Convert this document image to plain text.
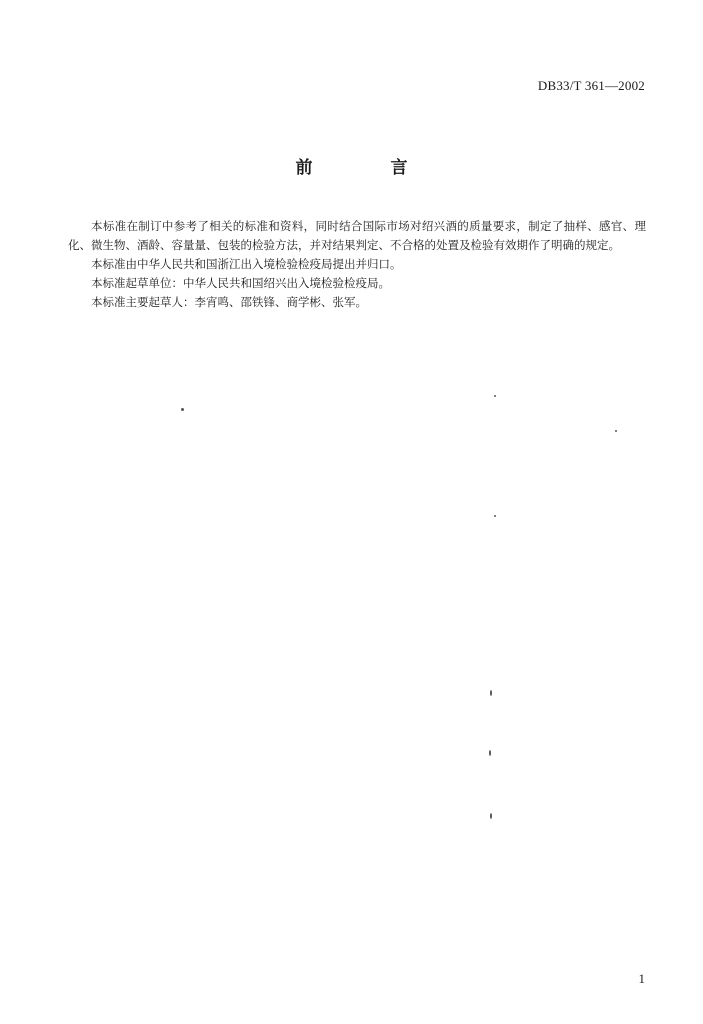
DB33/T 361—2002
前 言

本标准在制订中参考了相关的标准和资料，同时结合国际市场对绍兴酒的质量要求，制定了抽样、感官、理化、微生物、酒龄、容量量、包装的检验方法，并对结果判定、不合格的处置及检验有效期作了明确的规定。

本标准由中华人民共和国浙江出入境检验检疫局提出并归口。

本标准起草单位：中华人民共和国绍兴出入境检验检疫局。

本标准主要起草人：李宵鸣、邵铁锋、商学彬、张军。

1
